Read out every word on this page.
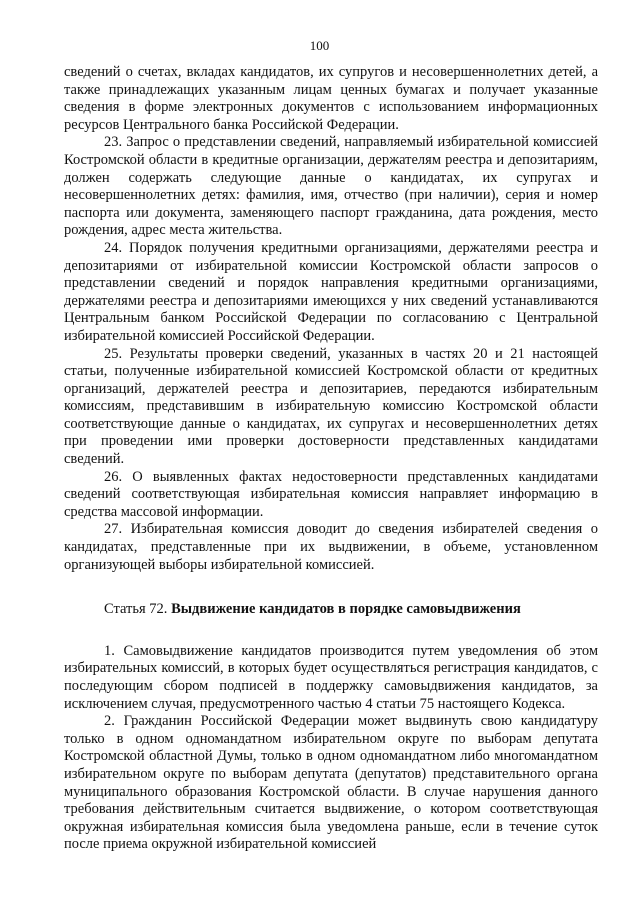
100

сведений о счетах, вкладах кандидатов, их супругов и несовершеннолетних детей, а также принадлежащих указанным лицам ценных бумагах и получает указанные сведения в форме электронных документов с использованием информационных ресурсов Центрального банка Российской Федерации.

23. Запрос о представлении сведений, направляемый избирательной комиссией Костромской области в кредитные организации, держателям реестра и депозитариям, должен содержать следующие данные о кандидатах, их супругах и несовершеннолетних детях: фамилия, имя, отчество (при наличии), серия и номер паспорта или документа, заменяющего паспорт гражданина, дата рождения, место рождения, адрес места жительства.

24. Порядок получения кредитными организациями, держателями реестра и депозитариями от избирательной комиссии Костромской области запросов о представлении сведений и порядок направления кредитными организациями, держателями реестра и депозитариями имеющихся у них сведений устанавливаются Центральным банком Российской Федерации по согласованию с Центральной избирательной комиссией Российской Федерации.

25. Результаты проверки сведений, указанных в частях 20 и 21 настоящей статьи, полученные избирательной комиссией Костромской области от кредитных организаций, держателей реестра и депозитариев, передаются избирательным комиссиям, представившим в избирательную комиссию Костромской области соответствующие данные о кандидатах, их супругах и несовершеннолетних детях при проведении ими проверки достоверности представленных кандидатами сведений.

26. О выявленных фактах недостоверности представленных кандидатами сведений соответствующая избирательная комиссия направляет информацию в средства массовой информации.

27. Избирательная комиссия доводит до сведения избирателей сведения о кандидатах, представленные при их выдвижении, в объеме, установленном организующей выборы избирательной комиссией.

Статья 72. Выдвижение кандидатов в порядке самовыдвижения

1. Самовыдвижение кандидатов производится путем уведомления об этом избирательных комиссий, в которых будет осуществляться регистрация кандидатов, с последующим сбором подписей в поддержку самовыдвижения кандидатов, за исключением случая, предусмотренного частью 4 статьи 75 настоящего Кодекса.

2. Гражданин Российской Федерации может выдвинуть свою кандидатуру только в одном одномандатном избирательном округе по выборам депутата Костромской областной Думы, только в одном одномандатном либо многомандатном избирательном округе по выборам депутата (депутатов) представительного органа муниципального образования Костромской области. В случае нарушения данного требования действительным считается выдвижение, о котором соответствующая окружная избирательная комиссия была уведомлена раньше, если в течение суток после приема окружной избирательной комиссией
